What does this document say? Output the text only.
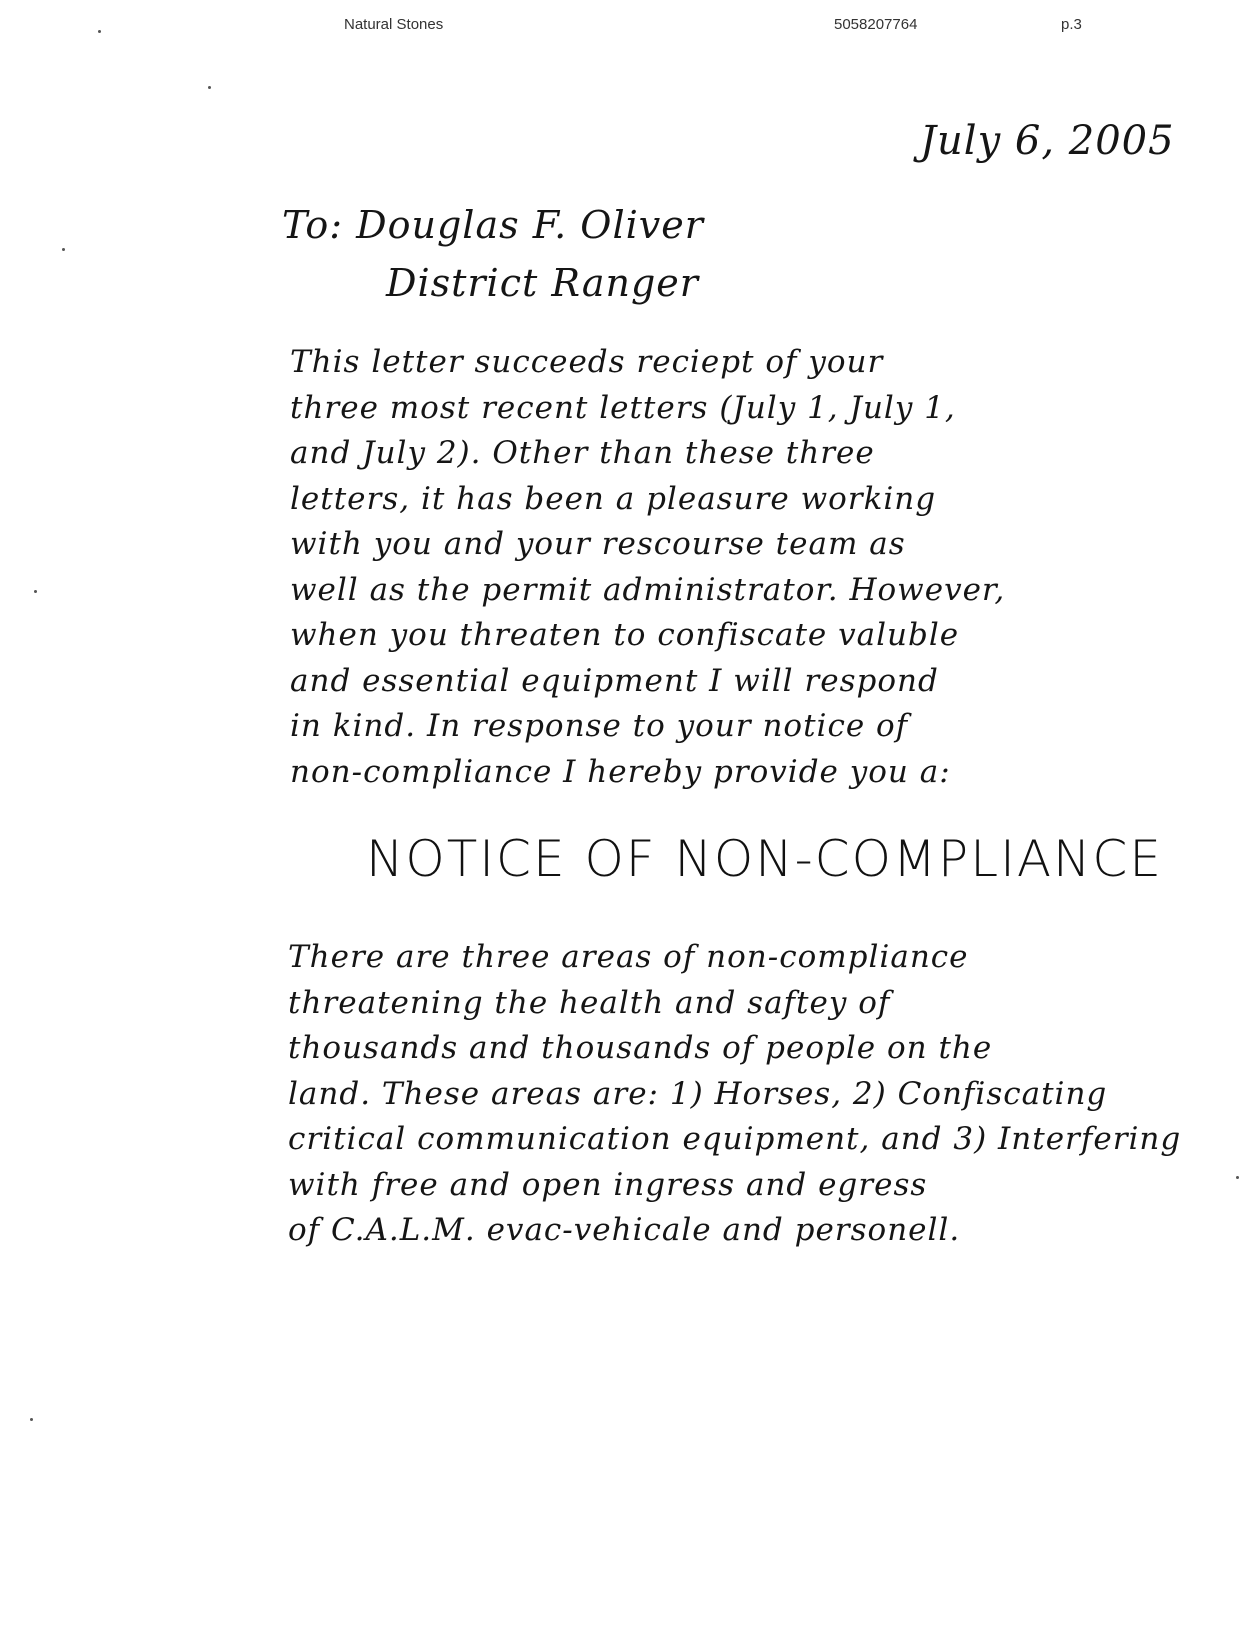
Natural Stones	5058207764	p.3
July 6, 2005
To: Douglas F. Oliver
District Ranger
This letter succeeds reciept of your
three most recent letters (July 1, July 1,
and July 2). Other than these three
letters, it has been a pleasure working
with you and your rescourse team as
well as the permit administrator. However,
when you threaten to confiscate valuble
and essential equipment I will respond
in kind. In response to your notice of
non-compliance I hereby provide you a:
NOTICE OF NON-COMPLIANCE
There are three areas of non-compliance
threatening the health and saftey of
thousands and thousands of people on the
land. These areas are: 1) Horses, 2) Confiscating
critical communication equipment, and 3) Interfering
with free and open ingress and egress
of C.A.L.M. evac-vehicale and personell.
